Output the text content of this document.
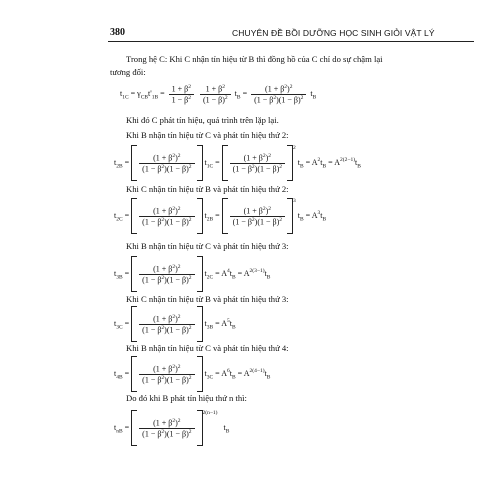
380	CHUYÊN ĐỀ BỒI DƯỠNG HỌC SINH GIỎI VẬT LÝ
Trong hệ C: Khi C nhận tín hiệu từ B thì đồng hồ của C chỉ do sự chậm lại
tương đối:
$t_{1C} = \gamma_{CB}t'_{1B} = \frac{1 + \beta^2}{1 - \beta^2}$
$\frac{1 + \beta^2}{(1 - \beta)^2} t_B = \frac{(1 + \beta^2)^2}{(1 - \beta^2)(1 - \beta)^2} t_B$
Khi đó C phát tín hiệu, quá trình trên lặp lại.
Khi B nhận tín hiệu từ C và phát tín hiệu thứ 2:
$t_{2B} = \frac{(1 + \beta^2)^2}{(1 - \beta^2)(1 - \beta)^2} t_{1C} = \frac{(1 + \beta^2)^2}{(1 - \beta^2)(1 - \beta)^2}$
$^2$ $t_B = A^2t_B = A^{2(2-1)}t_B$
Khi C nhận tín hiệu từ B và phát tín hiệu thứ 2:
$t_{2C} = \frac{(1 + \beta^2)^2}{(1 - \beta^2)(1 - \beta)^2} t_{2B} = \frac{(1 + \beta^2)^2}{(1 - \beta^2)(1 - \beta)^2}$
$^3$ $t_B = A^3t_B$
Khi B nhận tín hiệu từ C và phát tín hiệu thứ 3:
$t_{3B} = \frac{(1 + \beta^2)^2}{(1 - \beta^2)(1 - \beta)^2} t_{2C} = A^4t_B = A^{2(3-1)}t_B$
Khi C nhận tín hiệu từ B và phát tín hiệu thứ 3:
$t_{3C} = \frac{(1 + \beta^2)^2}{(1 - \beta^2)(1 - \beta)^2} t_{3B} = A^5t_B$
Khi B nhận tín hiệu từ C và phát tín hiệu thứ 4:
$t_{4B} = \frac{(1 + \beta^2)^2}{(1 - \beta^2)(1 - \beta)^2} t_{3C} = A^6t_B = A^{2(4-1)}t_B$
Do đó khi B phát tín hiệu thứ n thì:
$t_{nB} = \frac{(1 + \beta^2)^2}{(1 - \beta^2)(1 - \beta)^2}$
$^{2(n-1)}$   $t_B$
